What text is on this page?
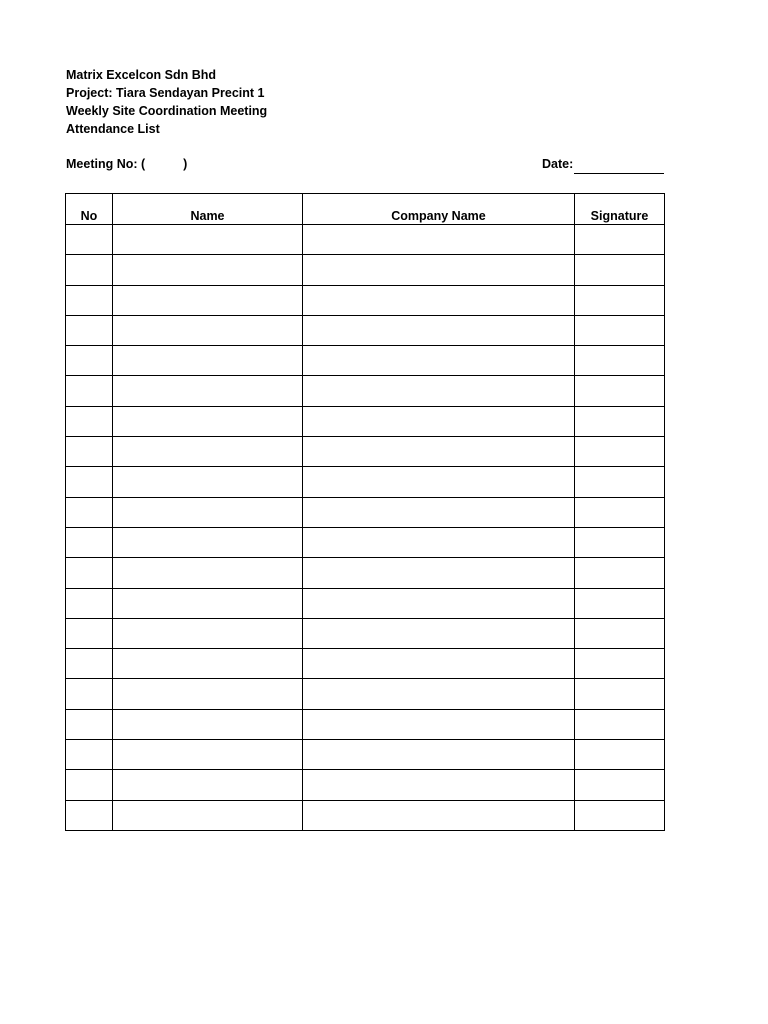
Matrix Excelcon Sdn Bhd
Project: Tiara Sendayan Precint 1
Weekly Site Coordination Meeting
Attendance List
Meeting No: (	)	Date:
No	Name	Company Name	Signature
